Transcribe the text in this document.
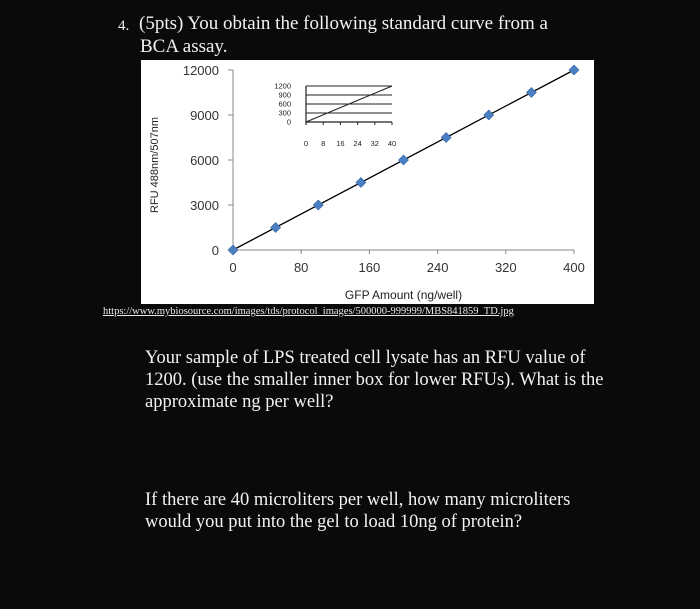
4. (5pts) You obtain the following standard curve from a
BCA assay.
0
3000
6000
9000
12000
0	80	160	240	320	400
GFP Amount (ng/well)
RFU 488nm/507nm
1200
900
600
300
0
0 8 16 24 32 40
https://www.mybiosource.com/images/tds/protocol_images/500000-999999/MBS841859_TD.jpg
Your sample of LPS treated cell lysate has an RFU value of 1200. (use the smaller inner box for lower RFUs). What is the approximate ng per well?
If there are 40 microliters per well, how many microliters would you put into the gel to load 10ng of protein?
